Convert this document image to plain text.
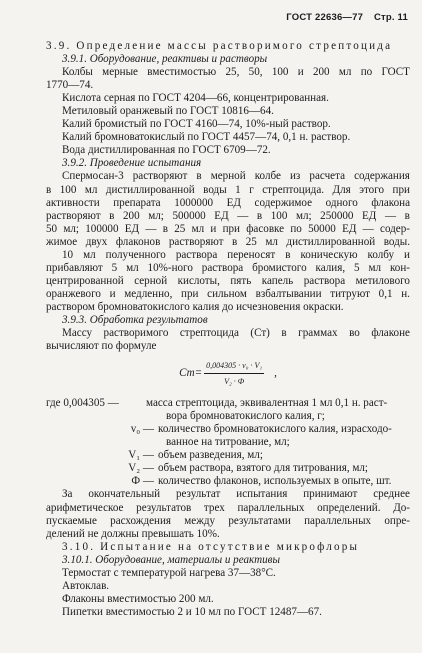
ГОСТ 22636—77 Стр. 11
3.9. Определение массы растворимого стрептоцида
3.9.1. Оборудование, реактивы и растворы
Колбы мерные вместимостью 25, 50, 100 и 200 мл по ГОСТ
1770—74.
Кислота серная по ГОСТ 4204—66, концентрированная.
Метиловый оранжевый по ГОСТ 10816—64.
Калий бромистый по ГОСТ 4160—74, 10%-ный раствор.
Калий бромноватокислый по ГОСТ 4457—74, 0,1 н. раствор.
Вода дистиллированная по ГОСТ 6709—72.
3.9.2. Проведение испытания
Спермосан-3 растворяют в мерной колбе из расчета содержания
в 100 мл дистиллированной воды 1 г стрептоцида. Для этого при
активности препарата 1000000 ЕД содержимое одного флакона
растворяют в 200 мл; 500000 ЕД — в 100 мл; 250000 ЕД — в
50 мл; 100000 ЕД — в 25 мл и при фасовке по 50000 ЕД — содер-
жимое двух флаконов растворяют в 25 мл дистиллированной воды.
10 мл полученного раствора переносят в коническую колбу и
прибавляют 5 мл 10%-ного раствора бромистого калия, 5 мл кон-
центрированной серной кислоты, пять капель раствора метилового
оранжевого и медленно, при сильном взбалтывании титруют 0,1 н.
раствором бромноватокислого калия до исчезновения окраски.
3.9.3. Обработка результатов
Массу растворимого стрептоцида (Ст) в граммах во флаконе
вычисляют по формуле
Ст = $\frac{\text{0,004305 · v₀ · V₁}}{\text{V₂ · Ф}}$ ,
где 0,004305 —	масса стрептоцида, эквивалентная 1 мл 0,1 н. раст-
вора бромноватокислого калия, г;
v₀ — количество бромноватокислого калия, израсходо-
ванное на титрование, мл;
V₁ — объем разведения, мл;
V₂ — объем раствора, взятого для титрования, мл;
Ф — количество флаконов, используемых в опыте, шт.
За окончательный результат испытания принимают среднее
арифметическое результатов трех параллельных определений. До-
пускаемые расхождения между результатами параллельных опре-
делений не должны превышать 10%.
3.10. Испытание на отсутствие микрофлоры
3.10.1. Оборудование, материалы и реактивы
Термостат с температурой нагрева 37—38°С.
Автоклав.
Флаконы вместимостью 200 мл.
Пипетки вместимостью 2 и 10 мл по ГОСТ 12487—67.
